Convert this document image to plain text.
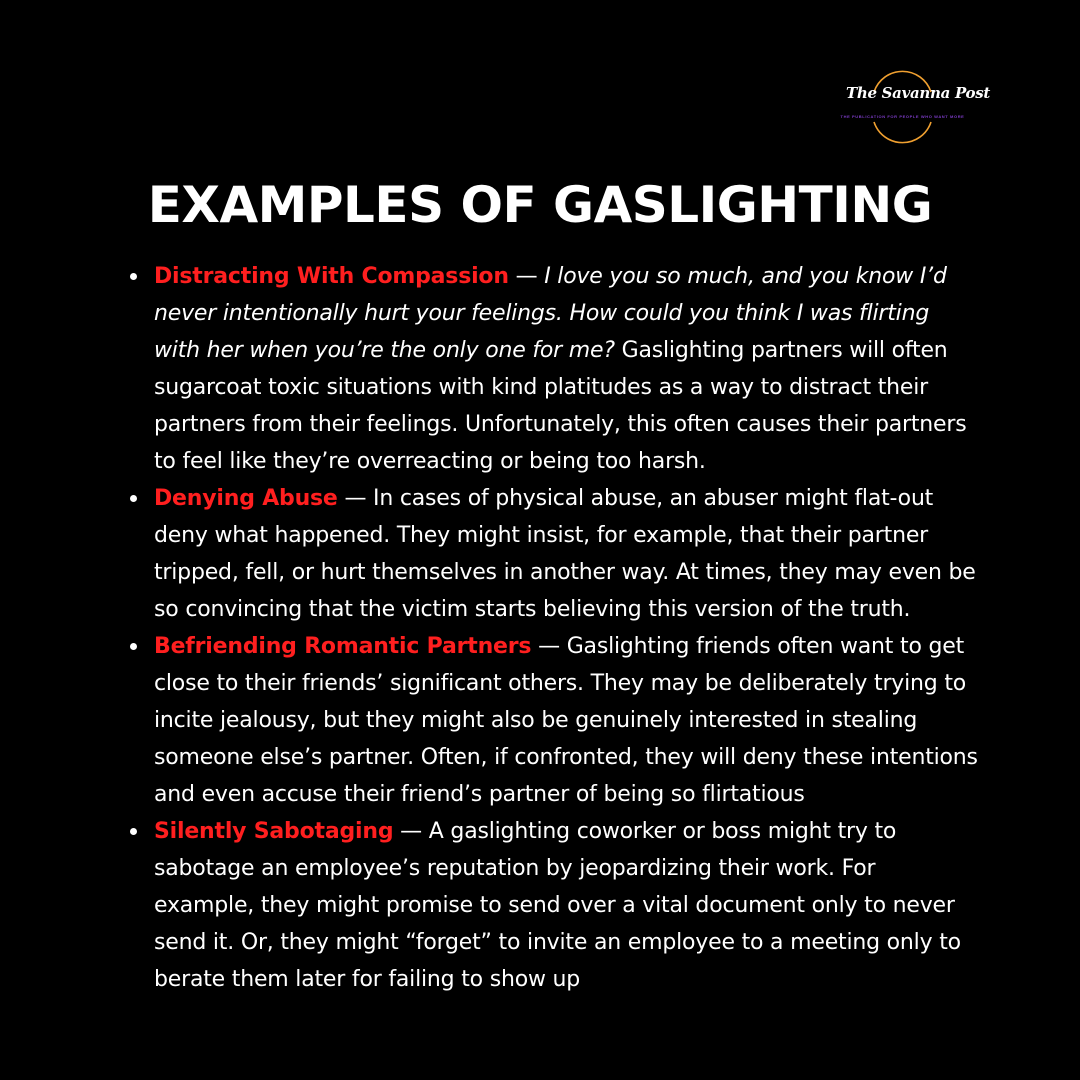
The Savanna Post
THE PUBLICATION FOR PEOPLE WHO WANT MORE
EXAMPLES OF GASLIGHTING
Distracting With Compassion — I love you so much, and you know I’d never intentionally hurt your feelings. How could you think I was flirting with her when you’re the only one for me? Gaslighting partners will often sugarcoat toxic situations with kind platitudes as a way to distract their partners from their feelings. Unfortunately, this often causes their partners to feel like they’re overreacting or being too harsh.
Denying Abuse — In cases of physical abuse, an abuser might flat-out deny what happened. They might insist, for example, that their partner tripped, fell, or hurt themselves in another way. At times, they may even be so convincing that the victim starts believing this version of the truth.
Befriending Romantic Partners — Gaslighting friends often want to get close to their friends’ significant others. They may be deliberately trying to incite jealousy, but they might also be genuinely interested in stealing someone else’s partner. Often, if confronted, they will deny these intentions and even accuse their friend’s partner of being so flirtatious
Silently Sabotaging — A gaslighting coworker or boss might try to sabotage an employee’s reputation by jeopardizing their work. For example, they might promise to send over a vital document only to never send it. Or, they might “forget” to invite an employee to a meeting only to berate them later for failing to show up
